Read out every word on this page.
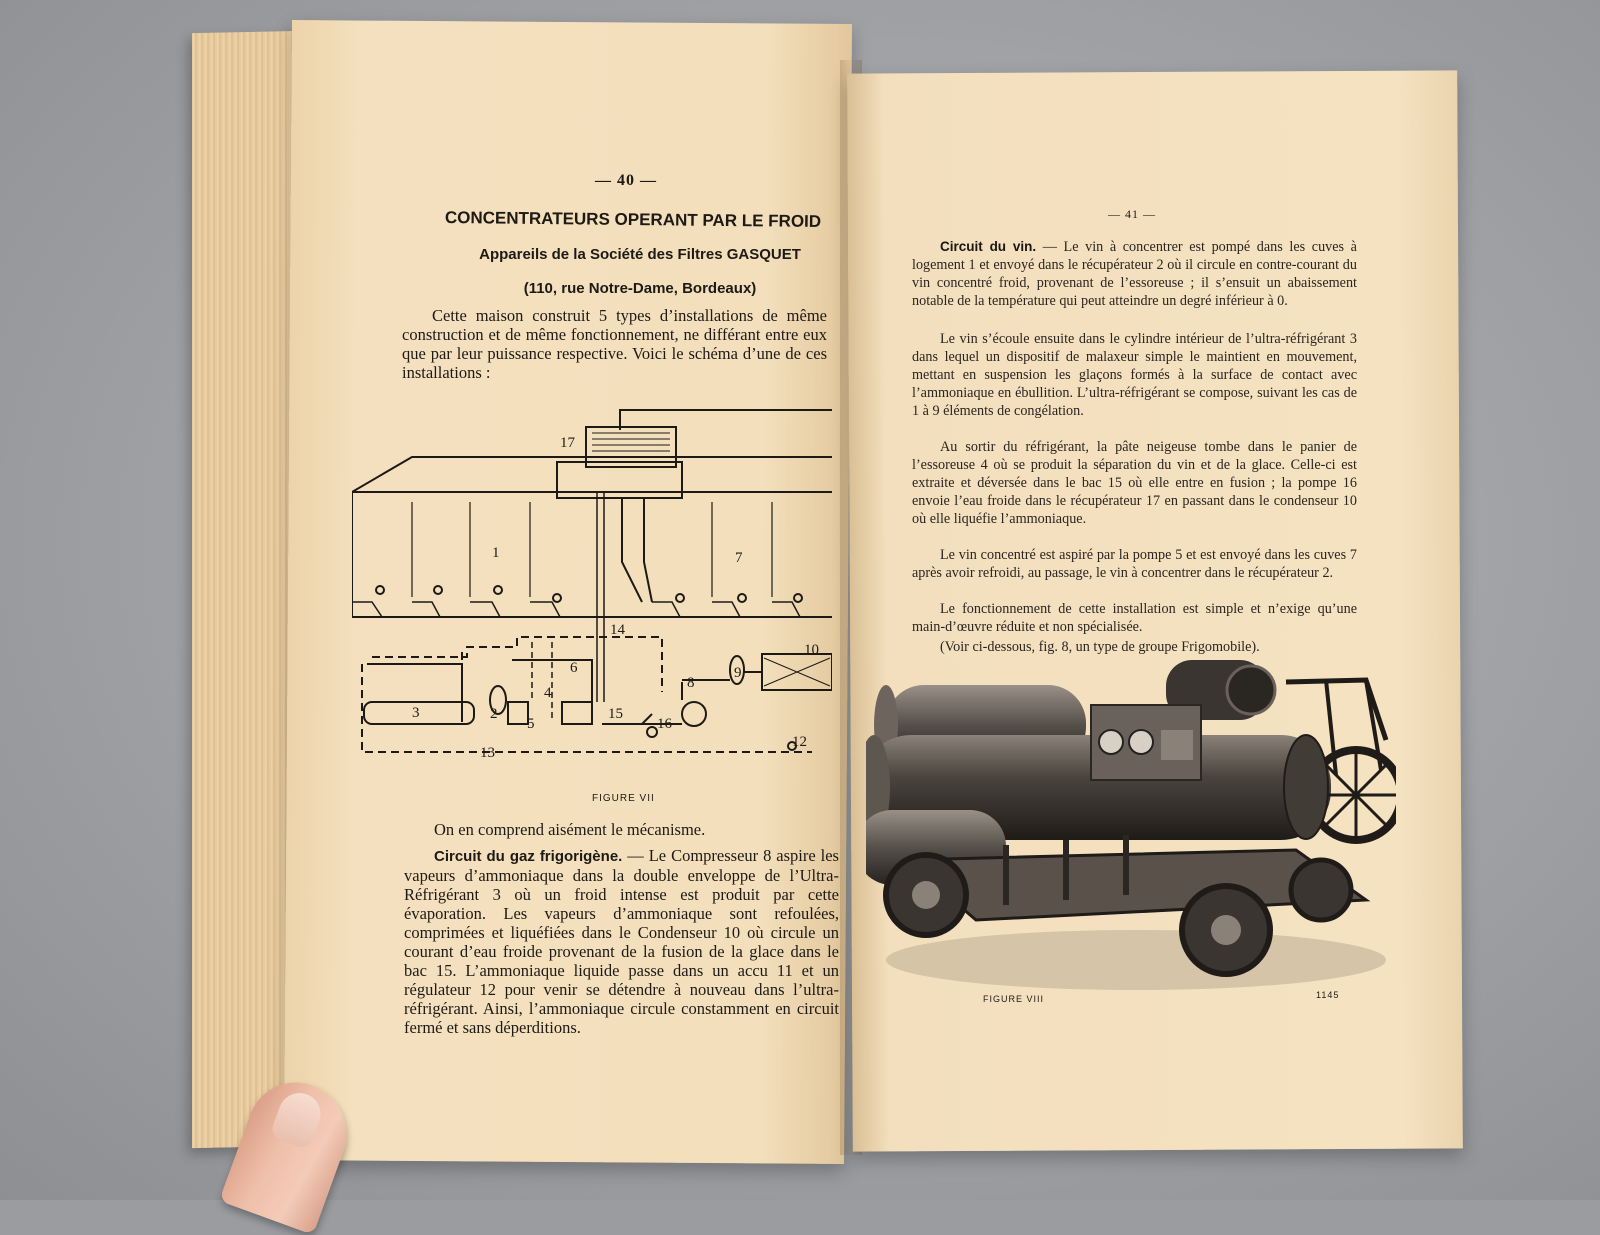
— 40 —
CONCENTRATEURS OPERANT PAR LE FROID
Appareils de la Société des Filtres GASQUET
(110, rue Notre-Dame, Bordeaux)

Cette maison construit 5 types d’installations de même construction et de même fonctionnement, ne différant entre eux que par leur puissance respective. Voici le schéma d’une de ces installations :

17
1	7
14
10
6
8
9
4
3	2
5
15
16
13
12
FIGURE VII

On en comprend aisément le mécanisme.

Circuit du gaz frigorigène. — Le Compresseur 8 aspire les vapeurs d’ammoniaque dans la double enveloppe de l’Ultra-Réfrigérant 3 où un froid intense est produit par cette évaporation. Les vapeurs d’ammoniaque sont refoulées, comprimées et liquéfiées dans le Condenseur 10 où circule un courant d’eau froide provenant de la fusion de la glace dans le bac 15. L’ammoniaque liquide passe dans un accu 11 et un régulateur 12 pour venir se détendre à nouveau dans l’ultra-réfrigérant. Ainsi, l’ammoniaque circule constamment en circuit fermé et sans déperditions.

— 41 —

Circuit du vin. — Le vin à concentrer est pompé dans les cuves à logement 1 et envoyé dans le récupérateur 2 où il circule en contre-courant du vin concentré froid, provenant de l’essoreuse ; il s’ensuit un abaissement notable de la température qui peut atteindre un degré inférieur à 0.

Le vin s’écoule ensuite dans le cylindre intérieur de l’ultra-réfrigérant 3 dans lequel un dispositif de malaxeur simple le maintient en mouvement, mettant en suspension les glaçons formés à la surface de contact avec l’ammoniaque en ébullition. L’ultra-réfrigérant se compose, suivant les cas de 1 à 9 éléments de congélation.

Au sortir du réfrigérant, la pâte neigeuse tombe dans le panier de l’essoreuse 4 où se produit la séparation du vin et de la glace. Celle-ci est extraite et déversée dans le bac 15 où elle entre en fusion ; la pompe 16 envoie l’eau froide dans le récupérateur 17 en passant dans le condenseur 10 où elle liquéfie l’ammoniaque.

Le vin concentré est aspiré par la pompe 5 et est envoyé dans les cuves 7 après avoir refroidi, au passage, le vin à concentrer dans le récupérateur 2.

Le fonctionnement de cette installation est simple et n’exige qu’une main-d’œuvre réduite et non spécialisée.

(Voir ci-dessous, fig. 8, un type de groupe Frigomobile).

FIGURE VIII	1145
